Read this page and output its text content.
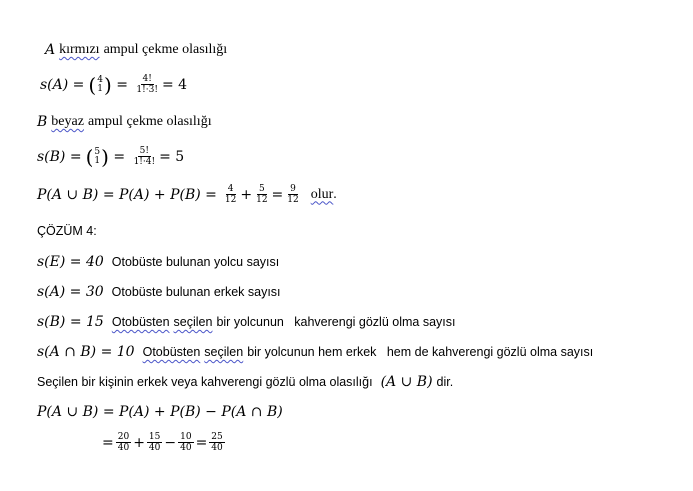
A kırmızı ampul çekme olasılığı
s(A) = ( 4
1 ) = $\frac{4!}{1!\cdot 3!} = 4$
B beyaz ampul çekme olasılığı
s(B) = ( 5
1 ) = $\frac{5!}{1!\cdot 4!} = 5$
P(A ∪ $B) = P(A) + P(B) = \frac{4}{12} + \frac{5}{12} = \frac{9}{12}$ olur .
ÇÖZÜM 4:
s(E) = 40 Otobüste bulunan yolcu sayısı
s(A) = 30 Otobüste bulunan erkek sayısı
s(B) = 15 Otobüsten seçilen bir yolcunun   kahverengi gözlü olma sayısı
s(A ∩ B) = 10 Otobüsten seçilen bir yolcunun hem erkek   hem de kahverengi gözlü olma sayısı
Seçilen bir kişinin erkek veya kahverengi gözlü olma olasılığı (A ∪ B) dir.
P(A ∪ B) = P(A) + P(B) − P(A ∩ B)
= $\frac{20}{40} + \frac{15}{40} - \frac{10}{40} = \frac{25}{40}$
